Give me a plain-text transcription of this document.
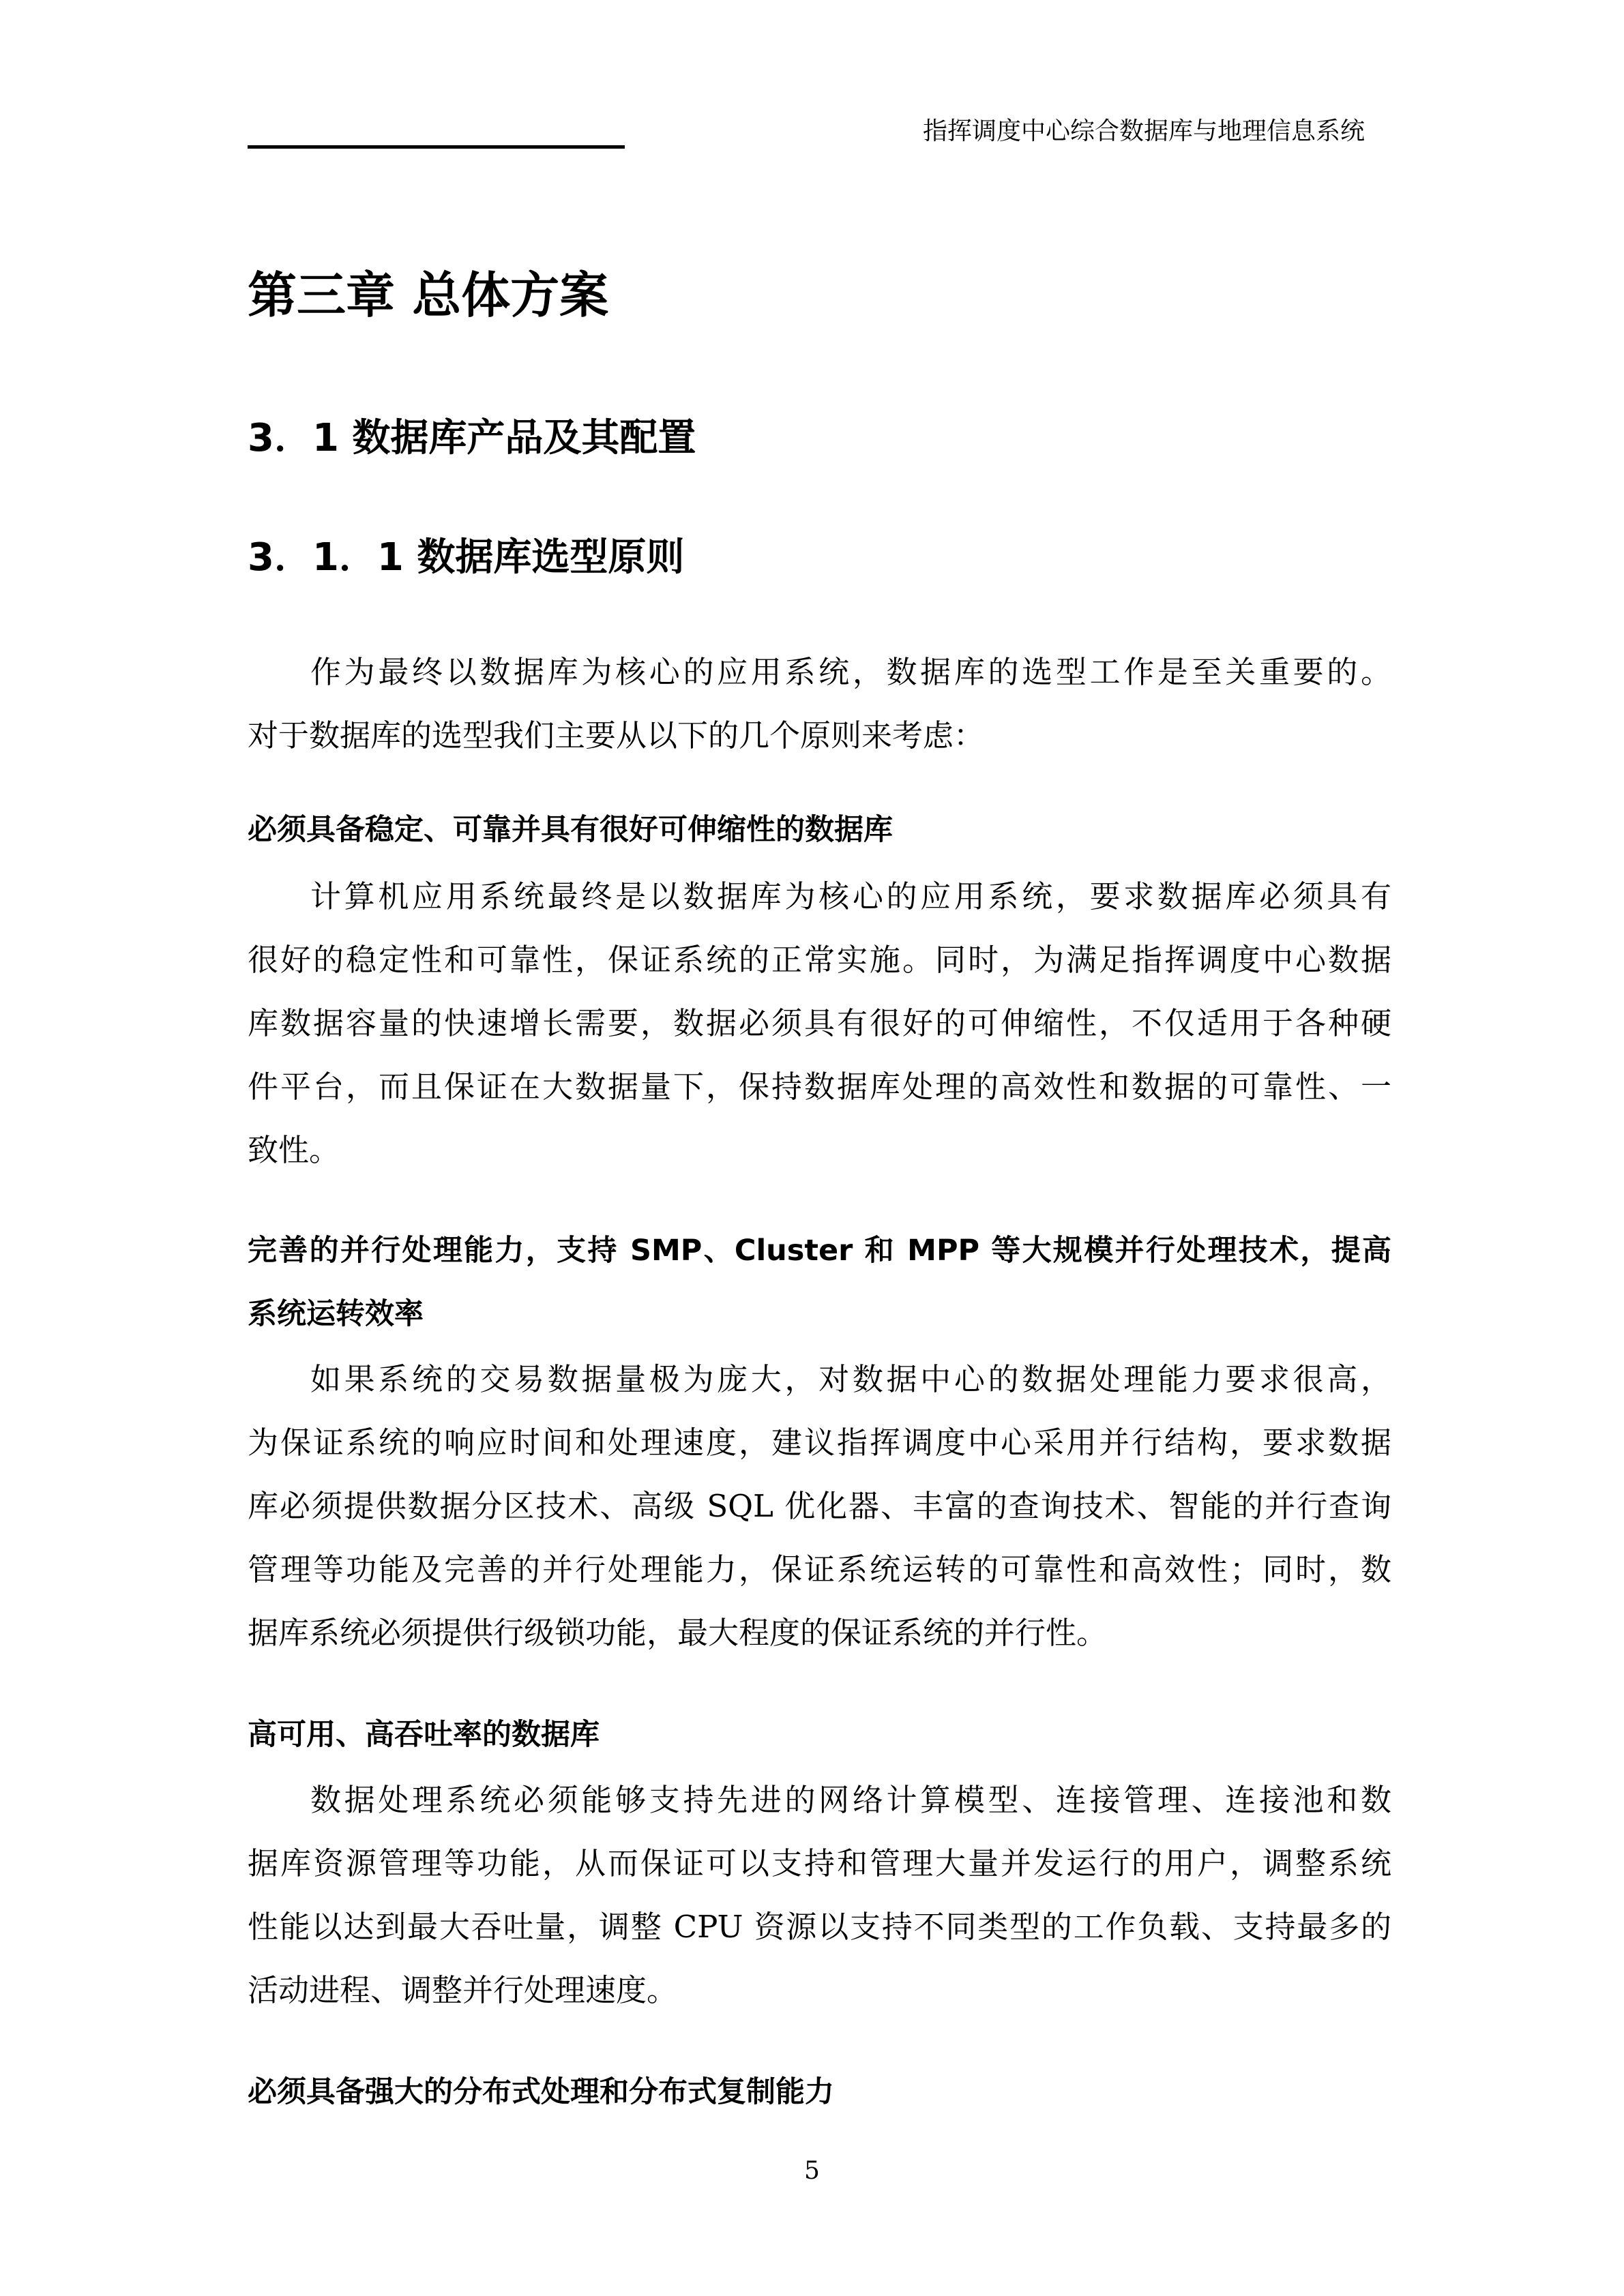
指挥调度中心综合数据库与地理信息系统
第三章 总体方案
3．1 数据库产品及其配置
3．1．1 数据库选型原则
作为最终以数据库为核心的应用系统，数据库的选型工作是至关重要的。
对于数据库的选型我们主要从以下的几个原则来考虑：
必须具备稳定、可靠并具有很好可伸缩性的数据库
计算机应用系统最终是以数据库为核心的应用系统，要求数据库必须具有
很好的稳定性和可靠性，保证系统的正常实施。同时，为满足指挥调度中心数据
库数据容量的快速增长需要，数据必须具有很好的可伸缩性，不仅适用于各种硬
件平台，而且保证在大数据量下，保持数据库处理的高效性和数据的可靠性、一
致性。
完善的并行处理能力，支持 SMP、Cluster 和 MPP 等大规模并行处理技术，提高
系统运转效率
如果系统的交易数据量极为庞大，对数据中心的数据处理能力要求很高，
为保证系统的响应时间和处理速度，建议指挥调度中心采用并行结构，要求数据
库必须提供数据分区技术、高级 SQL 优化器、丰富的查询技术、智能的并行查询
管理等功能及完善的并行处理能力，保证系统运转的可靠性和高效性；同时，数
据库系统必须提供行级锁功能，最大程度的保证系统的并行性。
高可用、高吞吐率的数据库
数据处理系统必须能够支持先进的网络计算模型、连接管理、连接池和数
据库资源管理等功能，从而保证可以支持和管理大量并发运行的用户，调整系统
性能以达到最大吞吐量，调整 CPU 资源以支持不同类型的工作负载、支持最多的
活动进程、调整并行处理速度。
必须具备强大的分布式处理和分布式复制能力
5
